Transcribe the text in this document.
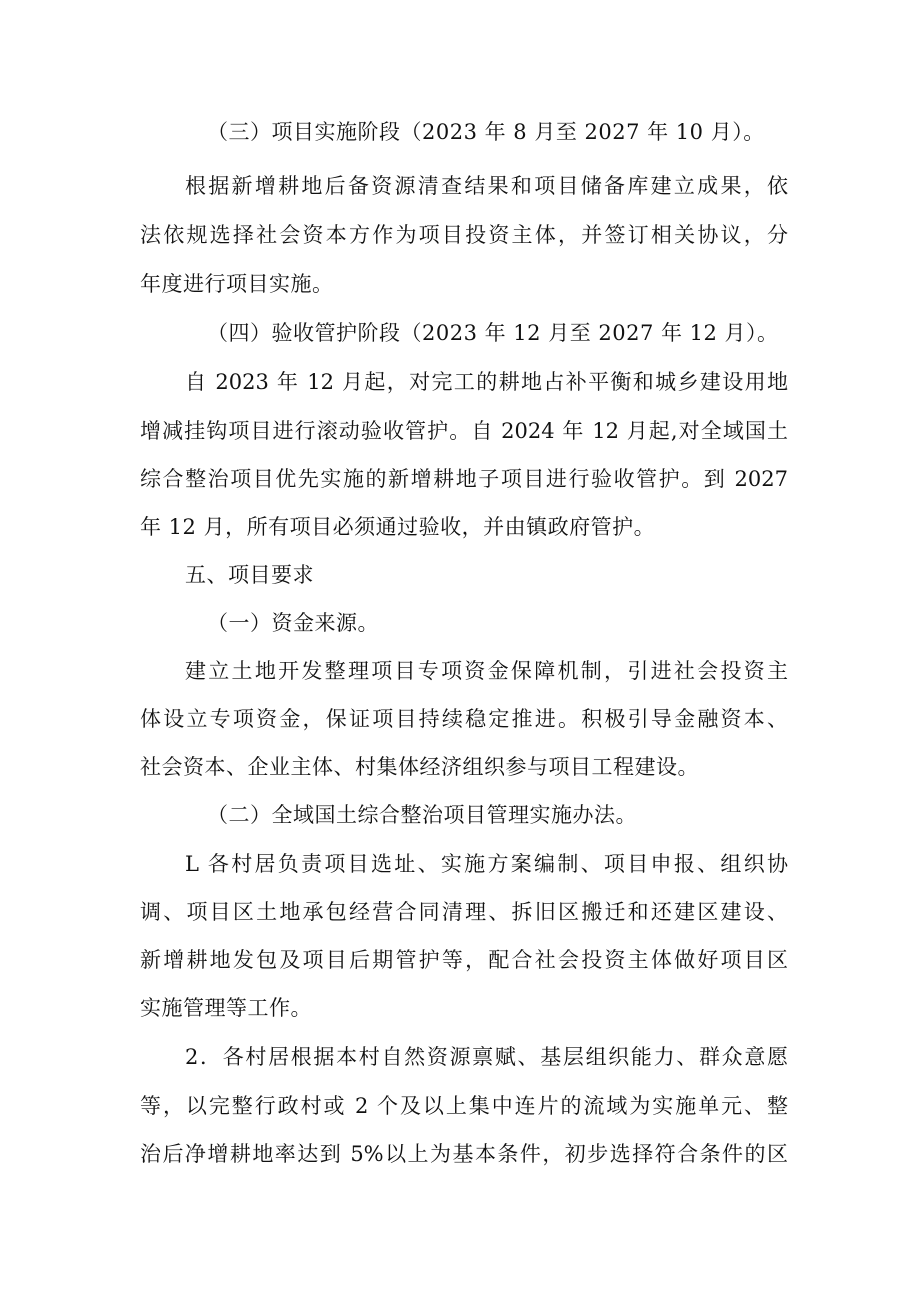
（三）项目实施阶段（2023 年 8 月至 2027 年 10 月）。
根据新增耕地后备资源清查结果和项目储备库建立成果，依
法依规选择社会资本方作为项目投资主体，并签订相关协议，分
年度进行项目实施。
（四）验收管护阶段（2023 年 12 月至 2027 年 12 月）。
自 2023 年 12 月起，对完工的耕地占补平衡和城乡建设用地
增减挂钩项目进行滚动验收管护。自 2024 年 12 月起,对全域国土
综合整治项目优先实施的新增耕地子项目进行验收管护。到 2027
年 12 月，所有项目必须通过验收，并由镇政府管护。
五、项目要求
（一）资金来源。
建立土地开发整理项目专项资金保障机制，引进社会投资主
体设立专项资金，保证项目持续稳定推进。积极引导金融资本、
社会资本、企业主体、村集体经济组织参与项目工程建设。
（二）全域国土综合整治项目管理实施办法。
L 各村居负责项目选址、实施方案编制、项目申报、组织协
调、项目区土地承包经营合同清理、拆旧区搬迁和还建区建设、
新增耕地发包及项目后期管护等，配合社会投资主体做好项目区
实施管理等工作。
2．各村居根据本村自然资源禀赋、基层组织能力、群众意愿
等，以完整行政村或 2 个及以上集中连片的流域为实施单元、整
治后净增耕地率达到 5%以上为基本条件，初步选择符合条件的区
